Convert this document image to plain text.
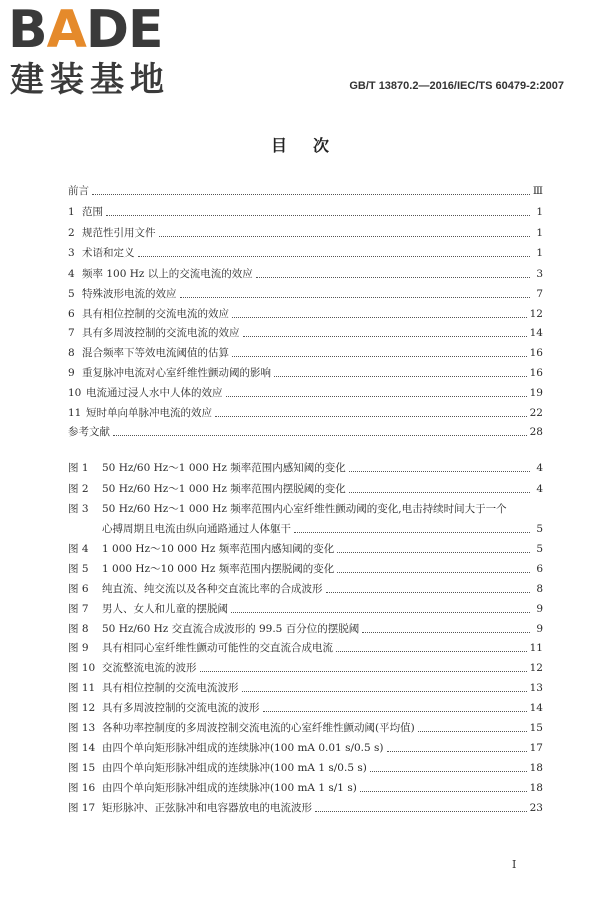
BADE
建装基地	GB/T 13870.2—2016/IEC/TS 60479-2:2007
目次
前言	Ⅲ
1 范围	1
2 规范性引用文件	1
3 术语和定义	1
4 频率 100 Hz 以上的交流电流的效应	3
5 特殊波形电流的效应	7
6 具有相位控制的交流电流的效应	12
7 具有多周波控制的交流电流的效应	14
8 混合频率下等效电流阈值的估算	16
9 重复脉冲电流对心室纤维性颤动阈的影响	16
10 电流通过浸人水中人体的效应	19
11 短时单向单脉冲电流的效应	22
参考文献	28
图 1	50 Hz/60 Hz～1 000 Hz 频率范围内感知阈的变化	4
图 2	50 Hz/60 Hz～1 000 Hz 频率范围内摆脱阈的变化	4
图 3	50 Hz/60 Hz～1 000 Hz 频率范围内心室纤维性颤动阈的变化,电击持续时间大于一个
心搏周期且电流由纵向通路通过人体躯干	5
图 4	1 000 Hz～10 000 Hz 频率范围内感知阈的变化	5
图 5	1 000 Hz～10 000 Hz 频率范围内摆脱阈的变化	6
图 6	纯直流、纯交流以及各种交直流比率的合成波形	8
图 7	男人、女人和儿童的摆脱阈	9
图 8	50 Hz/60 Hz 交直流合成波形的 99.5 百分位的摆脱阈	9
图 9	具有相同心室纤维性颤动可能性的交直流合成电流	11
图 10 交流整流电流的波形	12
图 11 具有相位控制的交流电流波形	13
图 12 具有多周波控制的交流电流的波形	14
图 13 各种功率控制度的多周波控制交流电流的心室纤维性颤动阈(平均值)	15
图 14 由四个单向矩形脉冲组成的连续脉冲(100 mA 0.01 s/0.5 s)	17
图 15 由四个单向矩形脉冲组成的连续脉冲(100 mA 1 s/0.5 s)	18
图 16 由四个单向矩形脉冲组成的连续脉冲(100 mA 1 s/1 s)	18
图 17 矩形脉冲、正弦脉冲和电容器放电的电流波形	23
I
